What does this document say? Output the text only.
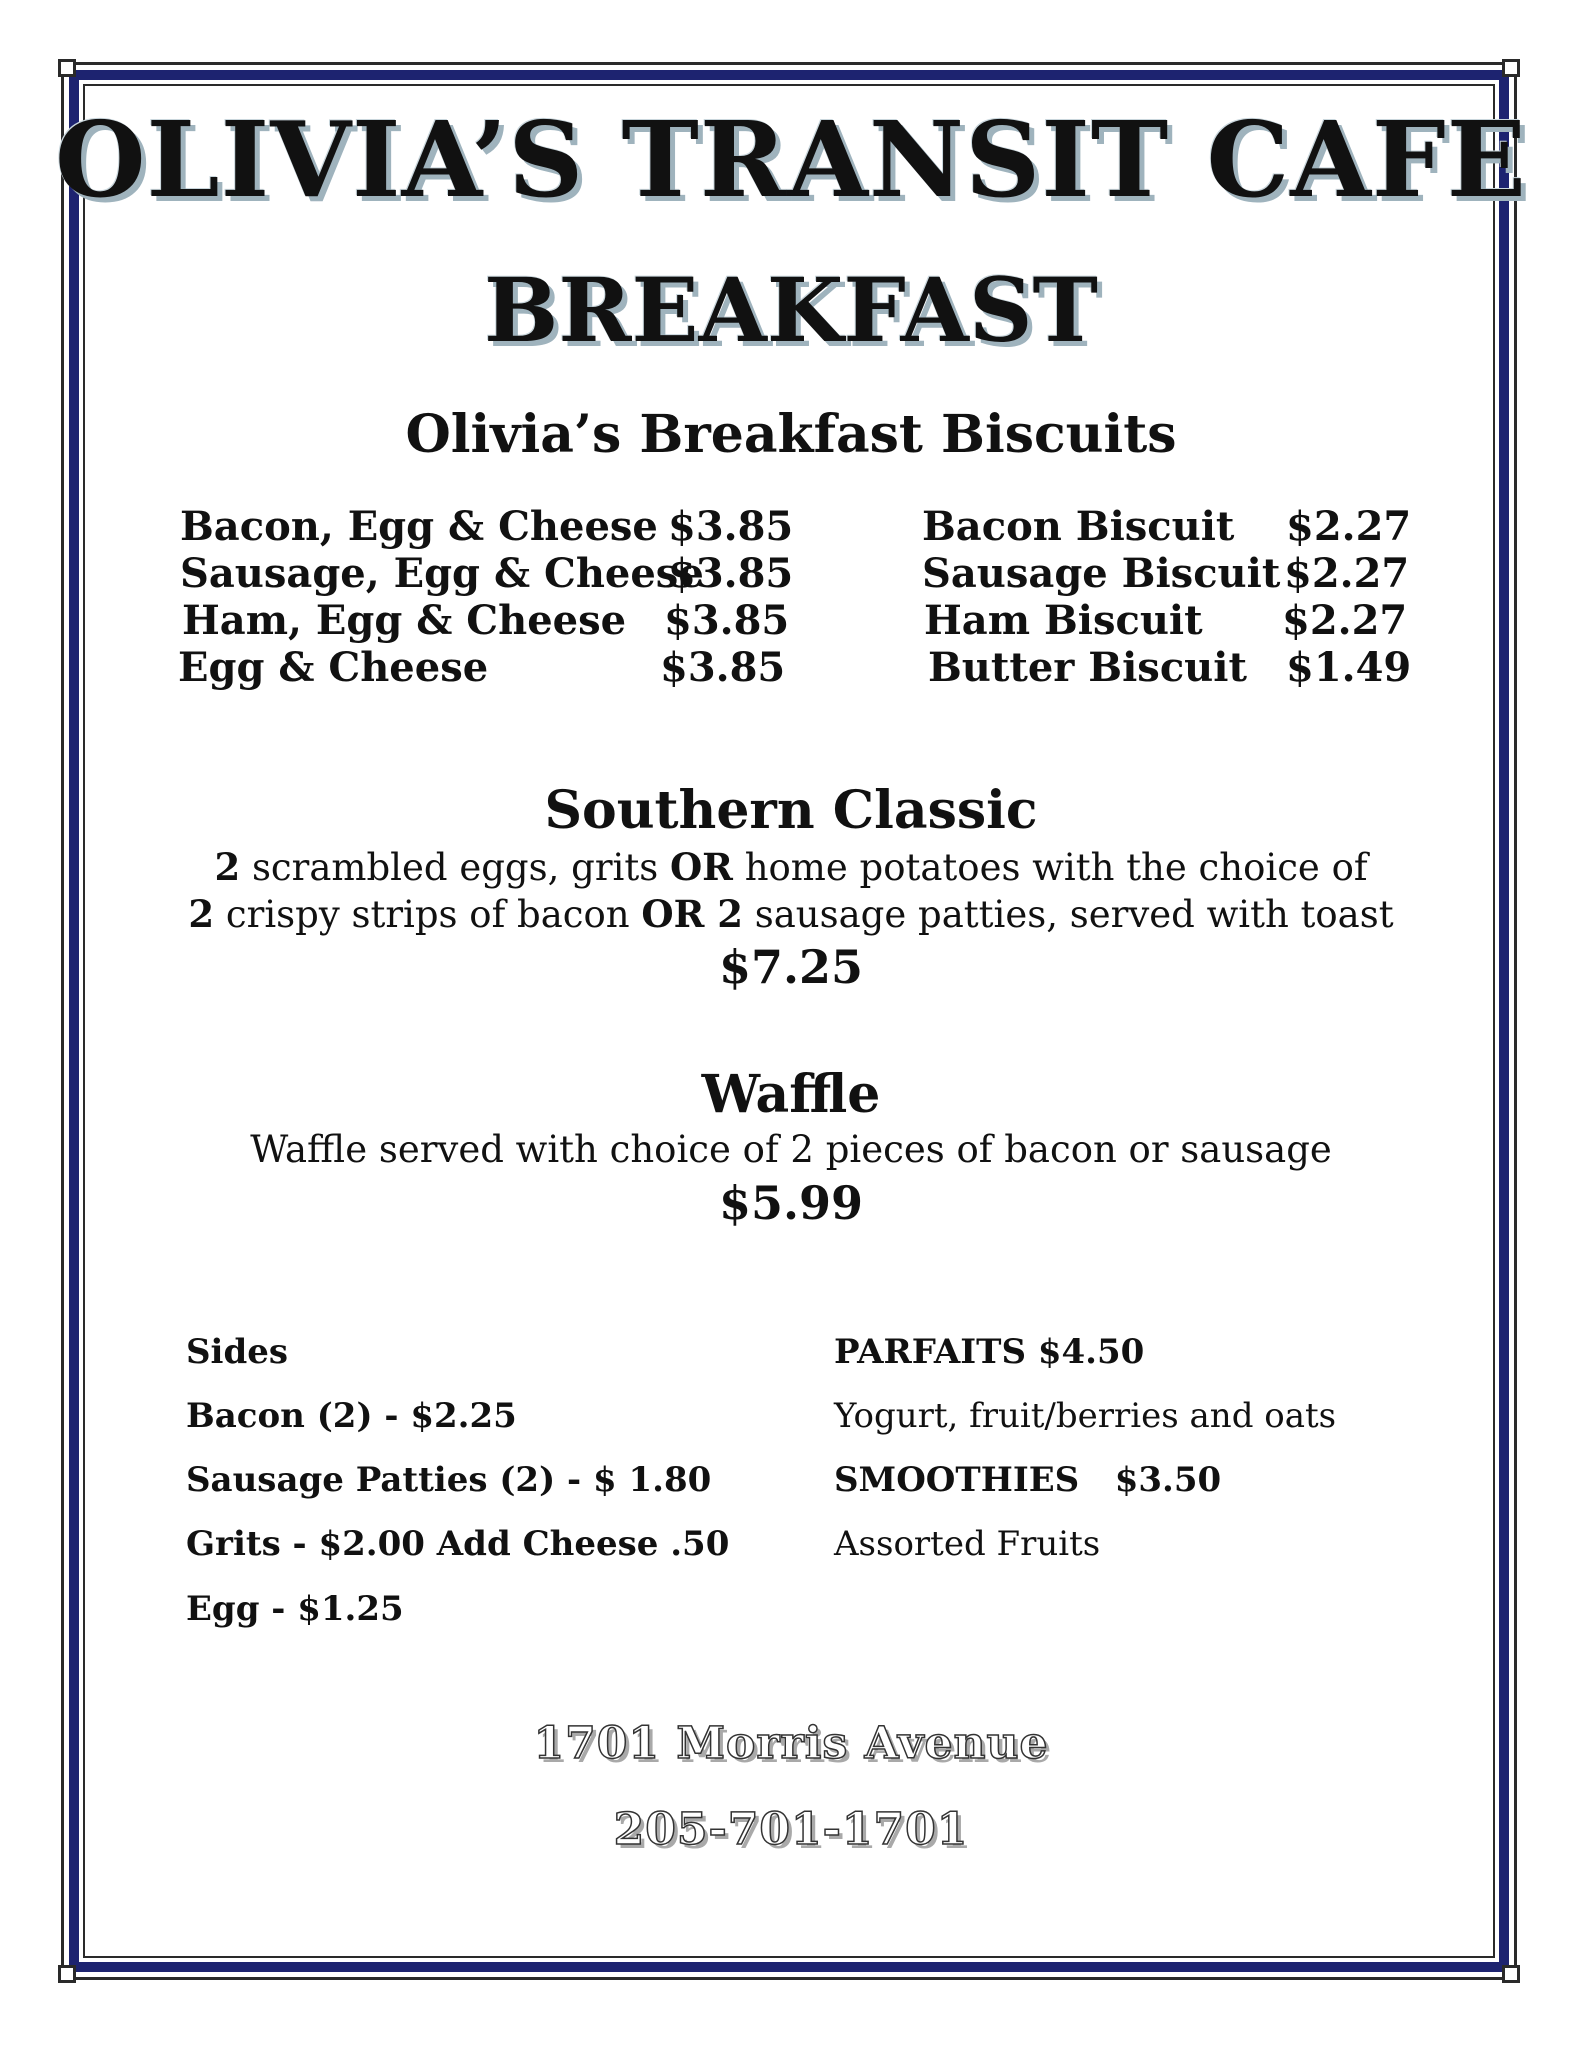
OLIVIA’S TRANSIT CAFE
BREAKFAST
Olivia’s Breakfast Biscuits
Bacon, Egg & Cheese $3.85
Sausage, Egg & Cheese
$3.85
Ham, Egg & Cheese $3.85
Egg & Cheese	$3.85
Bacon Biscuit $2.27
Sausage Biscuit $2.27
Ham Biscuit $2.27
Butter Biscuit $1.49
Southern Classic
2 scrambled eggs, grits OR home potatoes with the choice of
2 crispy strips of bacon OR 2 sausage patties, served with toast
$7.25
Waffle
Waffle served with choice of 2 pieces of bacon or sausage
$5.99
Sides
Bacon (2) - $2.25
Sausage Patties (2) - $ 1.80
Grits - $2.00 Add Cheese .50
Egg - $1.25
PARFAITS $4.50
Yogurt, fruit/berries and oats
SMOOTHIES   $3.50
Assorted Fruits
1701 Morris Avenue
205-701-1701
